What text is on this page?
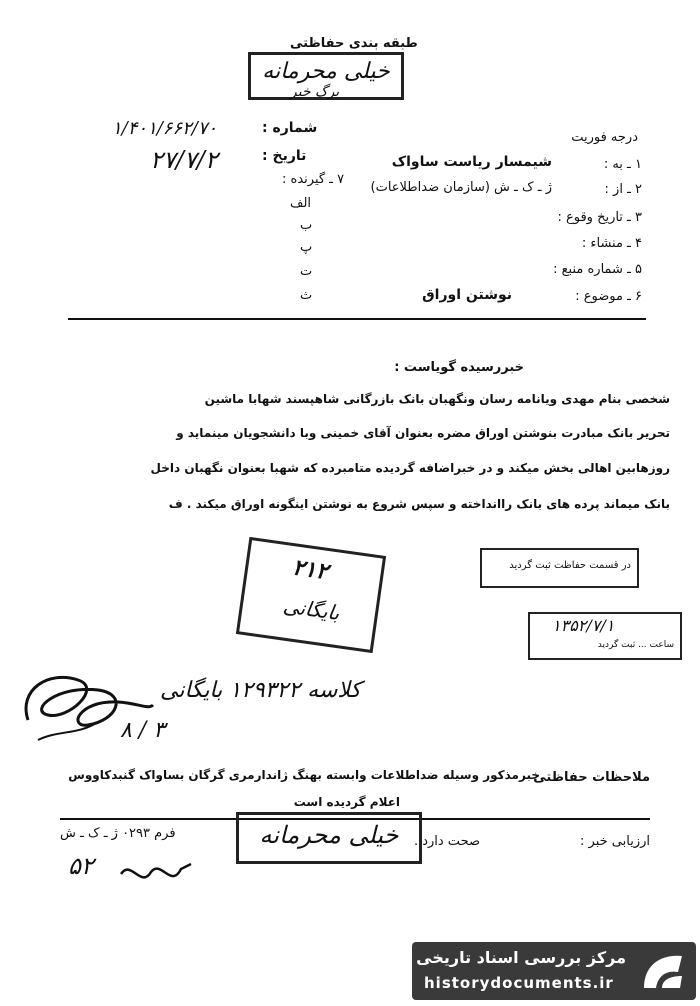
طبقه بندی حفاظتی
خیلی محرمانه
برگ خبر
شماره :
۱/۴۰۱/۶۶۲/۷۰
تاریخ :
۲۷/۷/۲
درجه فوریت
۱ ـ به :
شیمسار ریاست ساواک
۲ ـ از :
ژ ـ ک ـ ش (سازمان ضداطلاعات)
۳ ـ تاریخ وقوع :
۴ ـ منشاء :
۵ ـ شماره منبع :
۶ ـ موضوع :
نوشتن اوراق
۷ ـ گیرنده :
الف
ب
پ
ت
ث
خبررسیده گویاست :
شخصی بنام مهدی ویانامه رسان ونگهبان بانک بازرگانی شاهپسند شهابا ماشین
تحریر بانک مبادرت بنوشتن اوراق مضره بعنوان آقای خمینی وبا دانشجویان مینماید و
روزهابین اهالی بخش میکند و در خبراضافه گردیده متامبرده که شهبا بعنوان نگهبان داخل
بانک میماند پرده های بانک راانداخته و سپس شروع به نوشتن اینگونه اوراق میکند . ف
در قسمت حفاظت ثبت گردید
۲۱۲
بایگانی
۱۳۵۲/۷/۱
ساعت ... ثبت گردید
کلاسه ۱۲۹۳۲۲ بایگانی
۸ / ۳
ملاحظات حفاظتی
خبرمذکور وسیله ضداطلاعات وابسته بهنگ ژاندارمری گرگان بساواک گنبدکاووس
اعلام گردیده است
ارزیابی خبر :
صحت دارد .
خیلی محرمانه
فرم ۰۲۹۳ ژ ـ ک ـ ش
۵۲
مرکز بررسی اسناد تاریخی
historydocuments.ir
